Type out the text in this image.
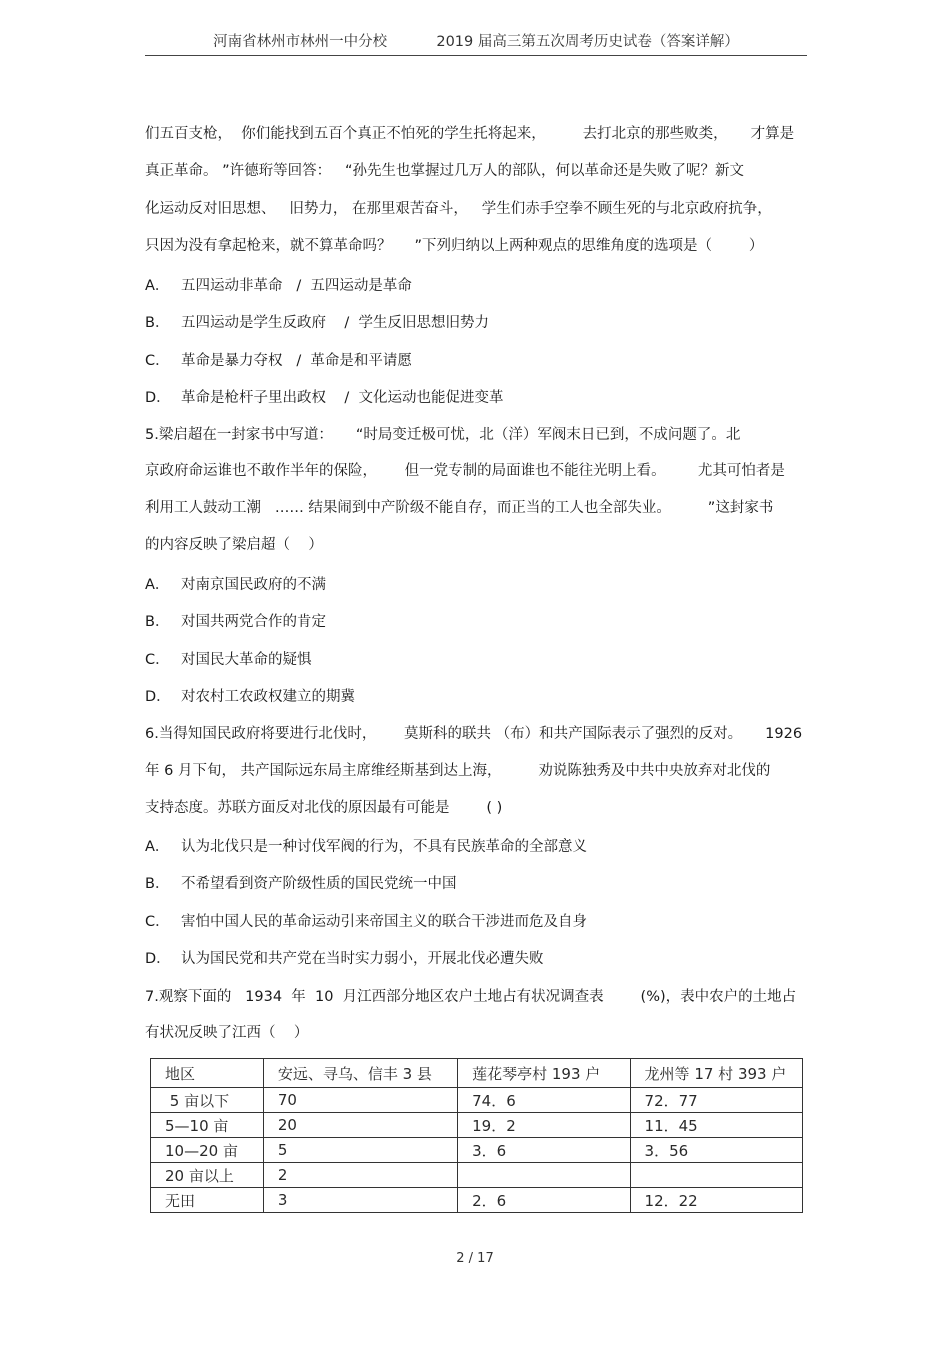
河南省林州市林州一中分校	2019 届高三第五次周考历史试卷（答案详解）
们五百支枪，  你们能找到五百个真正不怕死的学生托将起来，        去打北京的那些败类，     才算是
真正革命。 ”许德珩等回答：   “孙先生也掌握过几万人的部队，何以革命还是失败了呢？新文
化运动反对旧思想、   旧势力， 在那里艰苦奋斗，   学生们赤手空拳不顾生死的与北京政府抗争，
只因为没有拿起枪来，就不算革命吗？     ”下列归纳以上两种观点的思维角度的选项是（        ）
A． 五四运动非革命   /  五四运动是革命
B． 五四运动是学生反政府    /  学生反旧思想旧势力
C． 革命是暴力夺权   /  革命是和平请愿
D． 革命是枪杆子里出政权    /  文化运动也能促进变革
5.梁启超在一封家书中写道：     “时局变迁极可忧，北（洋）军阀末日已到，不成问题了。北
京政府命运谁也不敢作半年的保险，      但一党专制的局面谁也不能往光明上看。       尤其可怕者是
利用工人鼓动工潮   …… 结果闹到中产阶级不能自存，而正当的工人也全部失业。        ”这封家书
的内容反映了梁启超（    ）
A． 对南京国民政府的不满
B． 对国共两党合作的肯定
C． 对国民大革命的疑惧
D． 对农村工农政权建立的期冀
6.当得知国民政府将要进行北伐时，      莫斯科的联共 （布）和共产国际表示了强烈的反对。     1926
年 6 月下旬， 共产国际远东局主席维经斯基到达上海，        劝说陈独秀及中共中央放弃对北伐的
支持态度。苏联方面反对北伐的原因最有可能是        ( )
A． 认为北伐只是一种讨伐军阀的行为，不具有民族革命的全部意义
B． 不希望看到资产阶级性质的国民党统一中国
C． 害怕中国人民的革命运动引来帝国主义的联合干涉进而危及自身
D． 认为国民党和共产党在当时实力弱小，开展北伐必遭失败
7.观察下面的   1934  年  10  月江西部分地区农户土地占有状况调查表        (%)，表中农户的土地占
有状况反映了江西（    ）
地区	安远、寻乌、信丰 3 县	莲花琴亭村 193 户	龙州等 17 村 393 户
5 亩以下	70	74．6	72．77
5—10 亩	20	19．2	11．45
10—20 亩	5	3．6	3．56
20 亩以上	2		
无田	3	2．6	12．22
2 / 17
